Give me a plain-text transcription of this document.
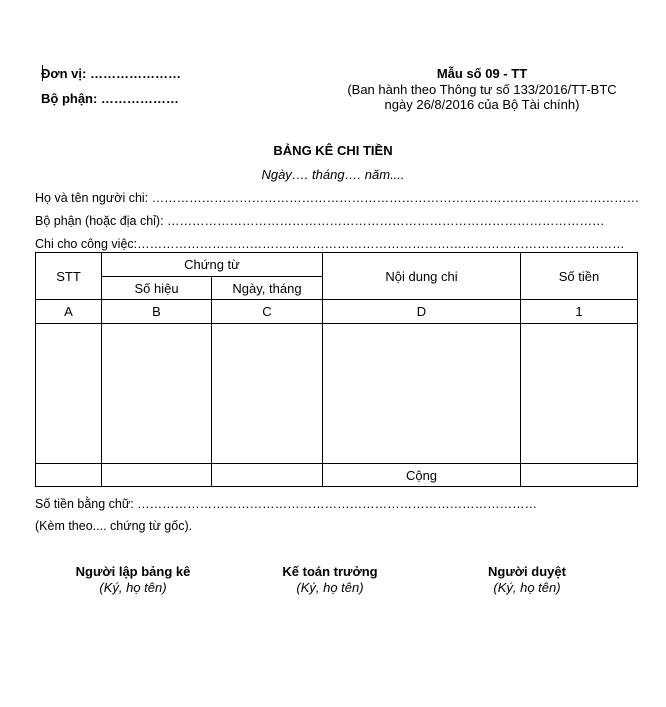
Đơn vị: …………………
Bộ phận: ………………
Mẫu số 09 - TT
(Ban hành theo Thông tư số 133/2016/TT-BTC
ngày 26/8/2016 của Bộ Tài chính)
BẢNG KÊ CHI TIỀN
Ngày…. tháng…. năm....
Họ và tên người chi: ………………………………………………………………………………………………………
Bộ phận (hoặc địa chỉ): ……………………………………………………………………………………………
Chi cho công việc:………………………………………………………………………………………………………
STT	Chứng từ		Nội dung chi	Số tiền
	Số hiệu	Ngày, tháng		
A	B	C	D	1

			Cộng	
Số tiền bằng chữ: ……………………………………………………………………………………
(Kèm theo.... chứng từ gốc).
Người lập bảng kê
(Ký, họ tên)
Kế toán trưởng
(Ký, họ tên)
Người duyệt
(Ký, họ tên)
